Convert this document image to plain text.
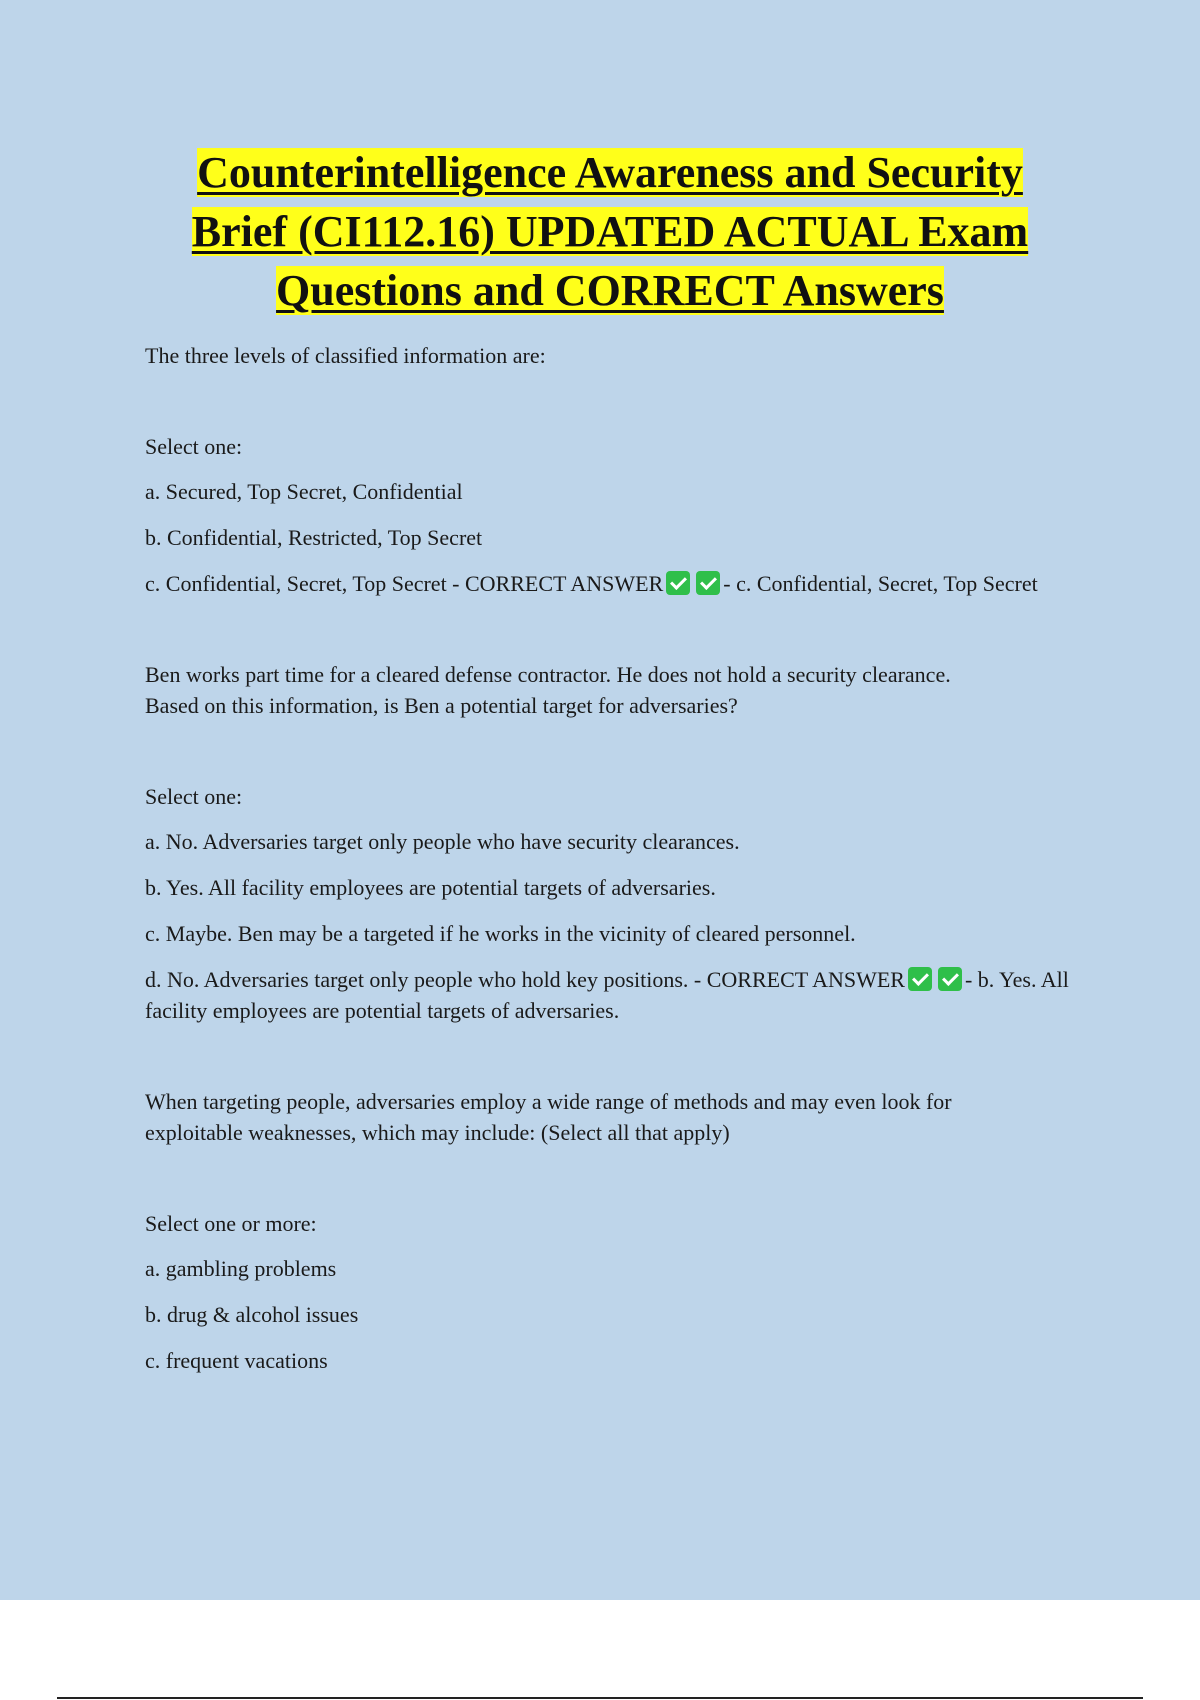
Counterintelligence Awareness and Security
Brief (CI112.16) UPDATED ACTUAL Exam
Questions and CORRECT Answers

The three levels of classified information are:

Select one:

a. Secured, Top Secret, Confidential

b. Confidential, Restricted, Top Secret

c. Confidential, Secret, Top Secret - CORRECT ANSWER	- c. Confidential, Secret, Top Secret

Ben works part time for a cleared defense contractor. He does not hold a security clearance.
Based on this information, is Ben a potential target for adversaries?

Select one:

a. No. Adversaries target only people who have security clearances.

b. Yes. All facility employees are potential targets of adversaries.

c. Maybe. Ben may be a targeted if he works in the vicinity of cleared personnel.

d. No. Adversaries target only people who hold key positions. - CORRECT ANSWER	- b. Yes. All facility employees are potential targets of adversaries.

When targeting people, adversaries employ a wide range of methods and may even look for
exploitable weaknesses, which may include: (Select all that apply)

Select one or more:

a. gambling problems

b. drug & alcohol issues

c. frequent vacations
